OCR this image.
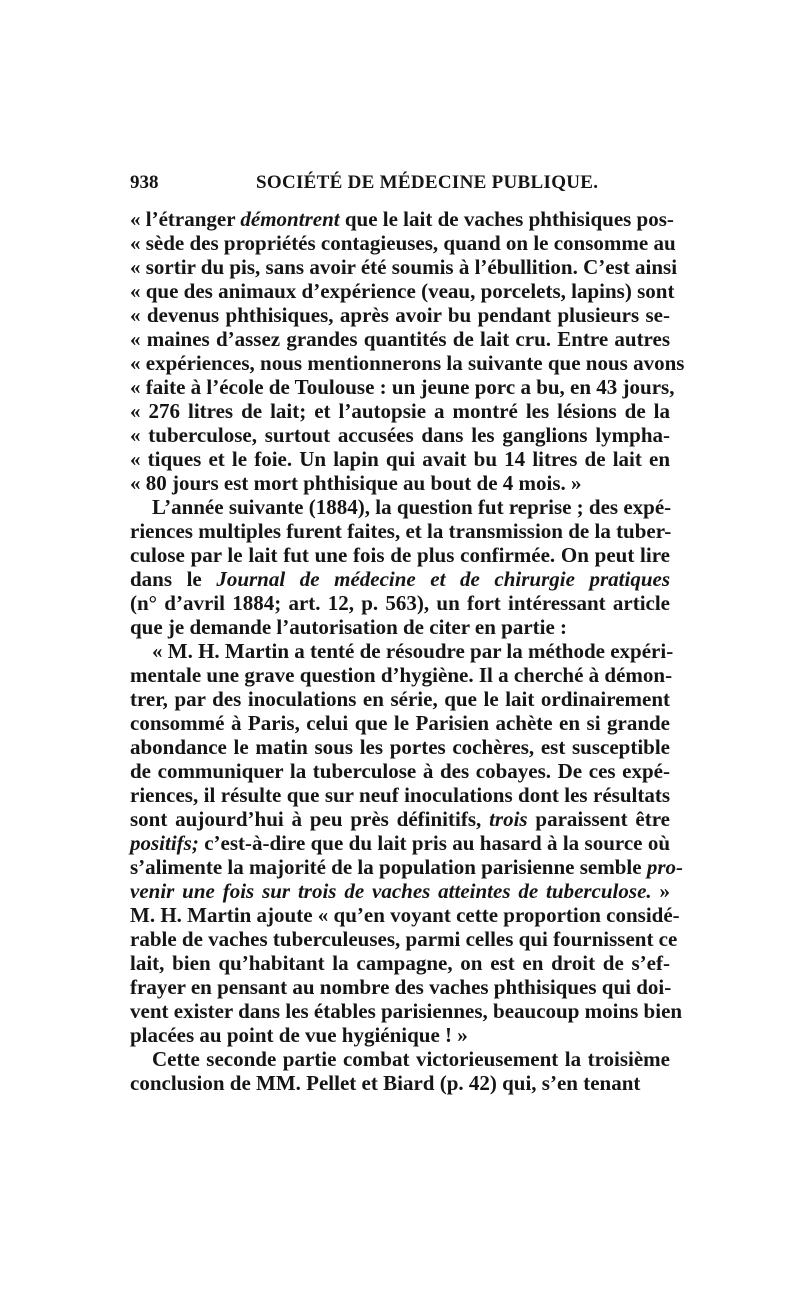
938	SOCIÉTÉ DE MÉDECINE PUBLIQUE.
« l’étranger démontrent que le lait de vaches phthisiques pos-
« sède des propriétés contagieuses, quand on le consomme au
« sortir du pis, sans avoir été soumis à l’ébullition. C’est ainsi
« que des animaux d’expérience (veau, porcelets, lapins) sont
« devenus phthisiques, après avoir bu pendant plusieurs se-
« maines d’assez grandes quantités de lait cru. Entre autres
« expériences, nous mentionnerons la suivante que nous avons
« faite à l’école de Toulouse : un jeune porc a bu, en 43 jours,
« 276 litres de lait; et l’autopsie a montré les lésions de la
« tuberculose, surtout accusées dans les ganglions lympha-
« tiques et le foie. Un lapin qui avait bu 14 litres de lait en
« 80 jours est mort phthisique au bout de 4 mois. »
L’année suivante (1884), la question fut reprise ; des expé-
riences multiples furent faites, et la transmission de la tuber-
culose par le lait fut une fois de plus confirmée. On peut lire
dans le Journal de médecine et de chirurgie pratiques
(n° d’avril 1884; art. 12, p. 563), un fort intéressant article
que je demande l’autorisation de citer en partie :
« M. H. Martin a tenté de résoudre par la méthode expéri-
mentale une grave question d’hygiène. Il a cherché à démon-
trer, par des inoculations en série, que le lait ordinairement
consommé à Paris, celui que le Parisien achète en si grande
abondance le matin sous les portes cochères, est susceptible
de communiquer la tuberculose à des cobayes. De ces expé-
riences, il résulte que sur neuf inoculations dont les résultats
sont aujourd’hui à peu près définitifs, trois paraissent être
positifs; c’est-à-dire que du lait pris au hasard à la source où
s’alimente la majorité de la population parisienne semble pro-
venir une fois sur trois de vaches atteintes de tuberculose. »
M. H. Martin ajoute « qu’en voyant cette proportion considé-
rable de vaches tuberculeuses, parmi celles qui fournissent ce
lait, bien qu’habitant la campagne, on est en droit de s’ef-
frayer en pensant au nombre des vaches phthisiques qui doi-
vent exister dans les étables parisiennes, beaucoup moins bien
placées au point de vue hygiénique ! »
Cette seconde partie combat victorieusement la troisième
conclusion de MM. Pellet et Biard (p. 42) qui, s’en tenant
